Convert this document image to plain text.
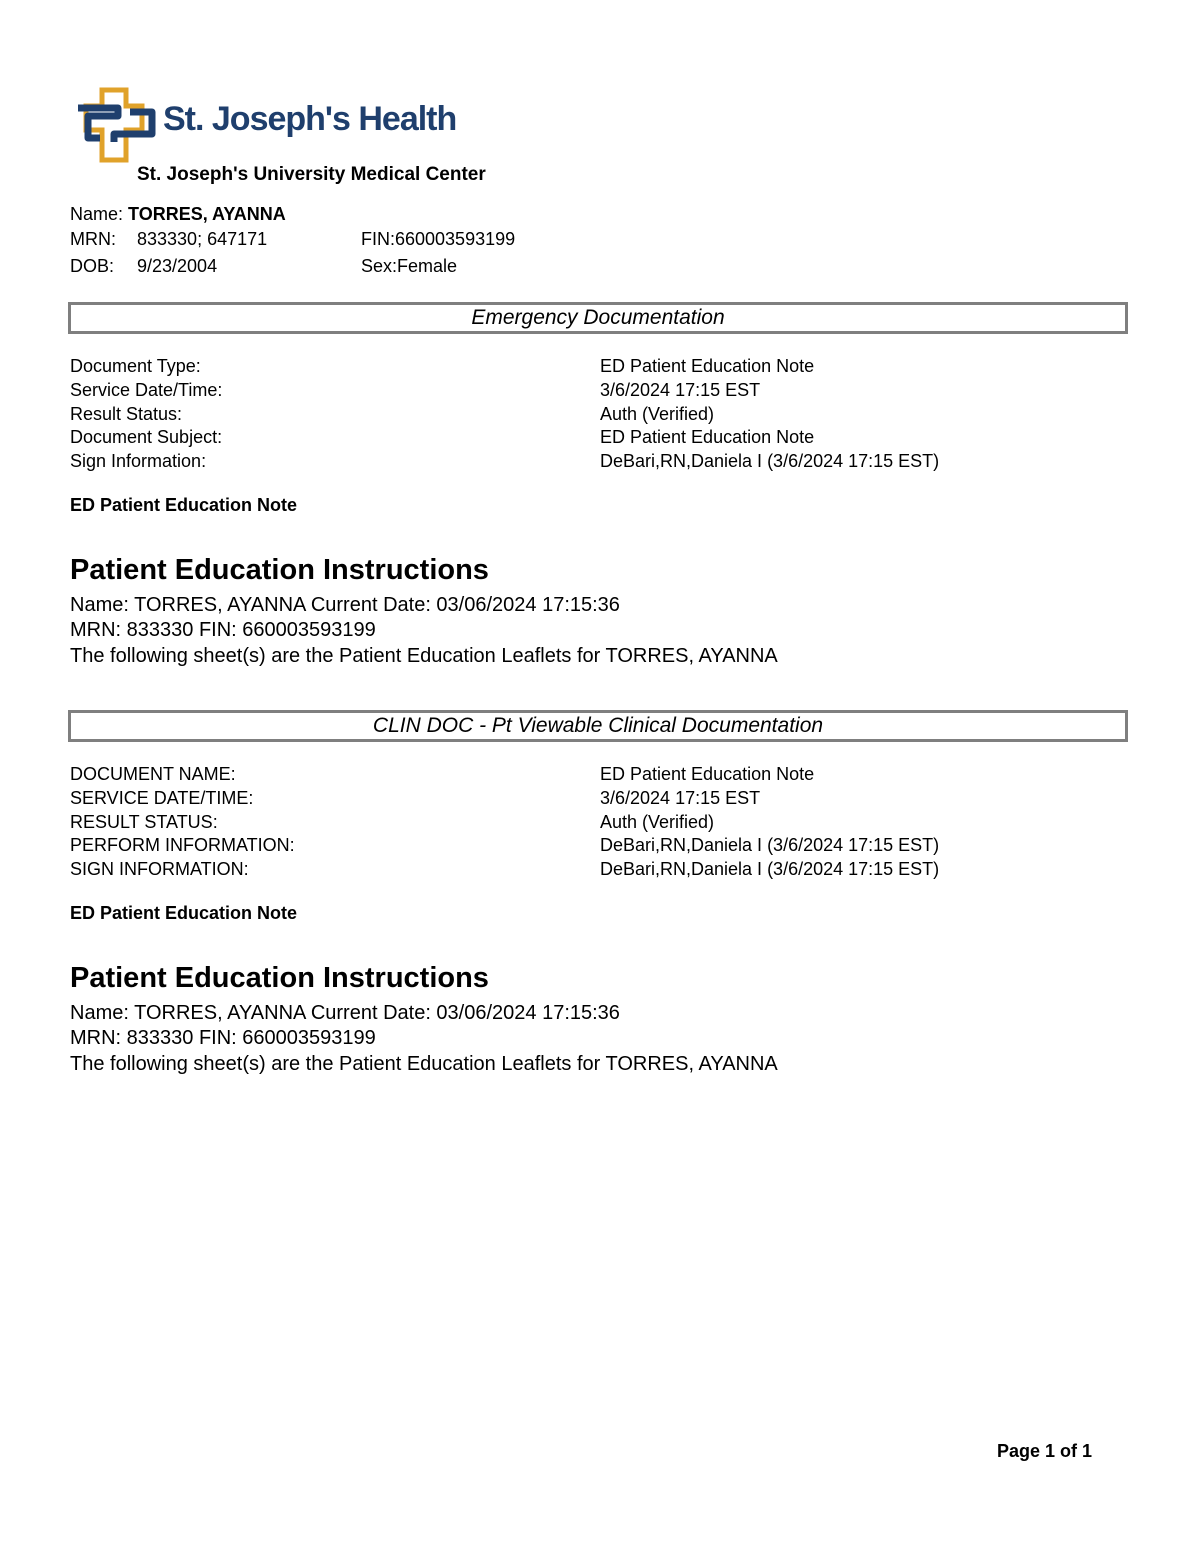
St. Joseph's Health
St. Joseph's University Medical Center
Name: TORRES, AYANNA
MRN: 833330; 647171	FIN:660003593199
DOB: 9/23/2004	Sex:Female
Emergency Documentation
Document Type:	ED Patient Education Note
Service Date/Time:	3/6/2024 17:15 EST
Result Status:	Auth (Verified)
Document Subject:	ED Patient Education Note
Sign Information:	DeBari,RN,Daniela I (3/6/2024 17:15 EST)
ED Patient Education Note
Patient Education Instructions
Name: TORRES, AYANNA Current Date: 03/06/2024 17:15:36
MRN: 833330 FIN: 660003593199
The following sheet(s) are the Patient Education Leaflets for TORRES, AYANNA
CLIN DOC - Pt Viewable Clinical Documentation
DOCUMENT NAME:	ED Patient Education Note
SERVICE DATE/TIME:	3/6/2024 17:15 EST
RESULT STATUS:	Auth (Verified)
PERFORM INFORMATION:	DeBari,RN,Daniela I (3/6/2024 17:15 EST)
SIGN INFORMATION:	DeBari,RN,Daniela I (3/6/2024 17:15 EST)
ED Patient Education Note
Patient Education Instructions
Name: TORRES, AYANNA Current Date: 03/06/2024 17:15:36
MRN: 833330 FIN: 660003593199
The following sheet(s) are the Patient Education Leaflets for TORRES, AYANNA
Page 1 of 1
